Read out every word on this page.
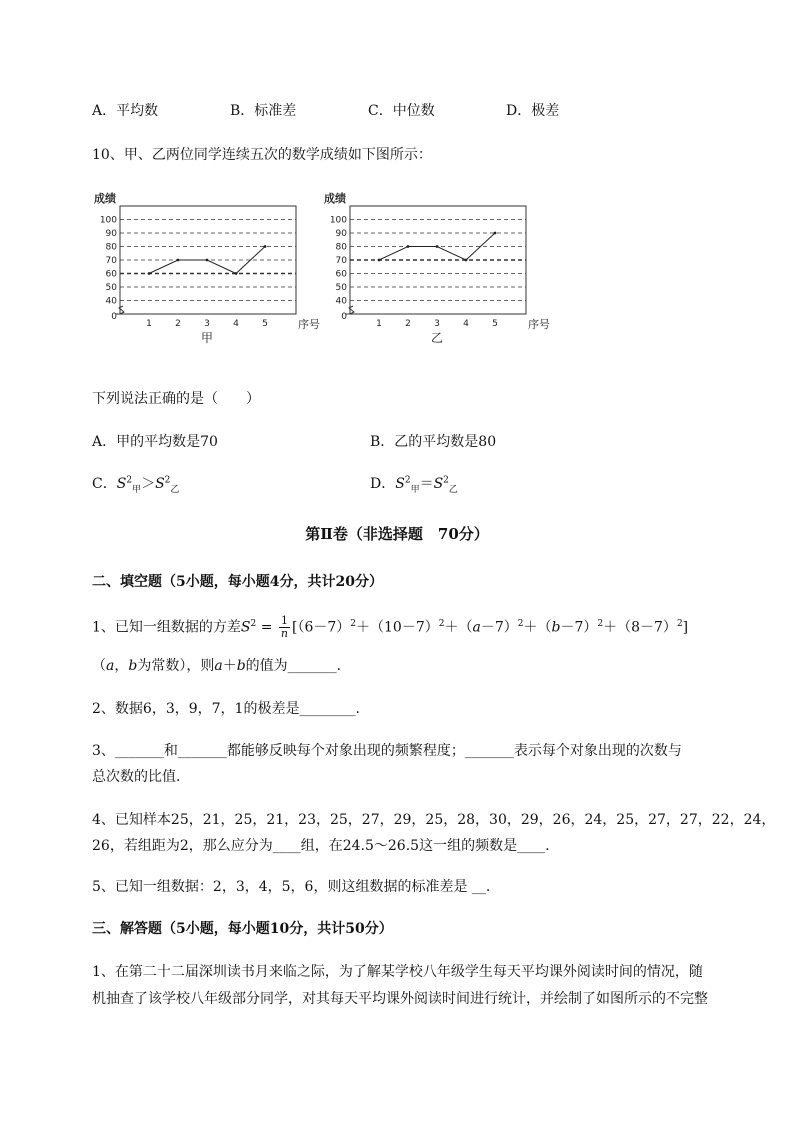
A．平均数	B．标准差	C．中位数	D．极差
10、甲、乙两位同学连续五次的数学成绩如下图所示：
0
40
50
60
70
80
90
100
成绩
1	2	3	4	5	序号
甲
0
40
50
60
70
80
90
100
成绩
1	2	3	4	5	序号
乙
下列说法正确的是（　　）
A．甲的平均数是70	B．乙的平均数是80
C．$S^2_甲>S^2_乙$	D．$S^2_甲=S^2_乙$
第Ⅱ卷（非选择题　70分）
二、填空题（5小题，每小题4分，共计20分）
1、已知一组数据的方差$S^2 = \frac{1}{n} [(6-7)^2+(10-7)^2+(a-7)^2+(b-7)^2+(8-7)^2]$
（a，b为常数），则a＋b的值为_______.
2、数据6，3，9，7，1的极差是________.
3、_______和_______都能够反映每个对象出现的频繁程度；_______表示每个对象出现的次数与
总次数的比值．
4、已知样本25，21，25，21，23，25，27，29，25，28，30，29，26，24，25，27，27，22，24，
26，若组距为2，那么应分为____组，在24.5～26.5这一组的频数是____.
5、已知一组数据：2，3，4，5，6，则这组数据的标准差是 __.
三、解答题（5小题，每小题10分，共计50分）
1、在第二十二届深圳读书月来临之际，为了解某学校八年级学生每天平均课外阅读时间的情况，随
机抽查了该学校八年级部分同学，对其每天平均课外阅读时间进行统计，并绘制了如图所示的不完整
